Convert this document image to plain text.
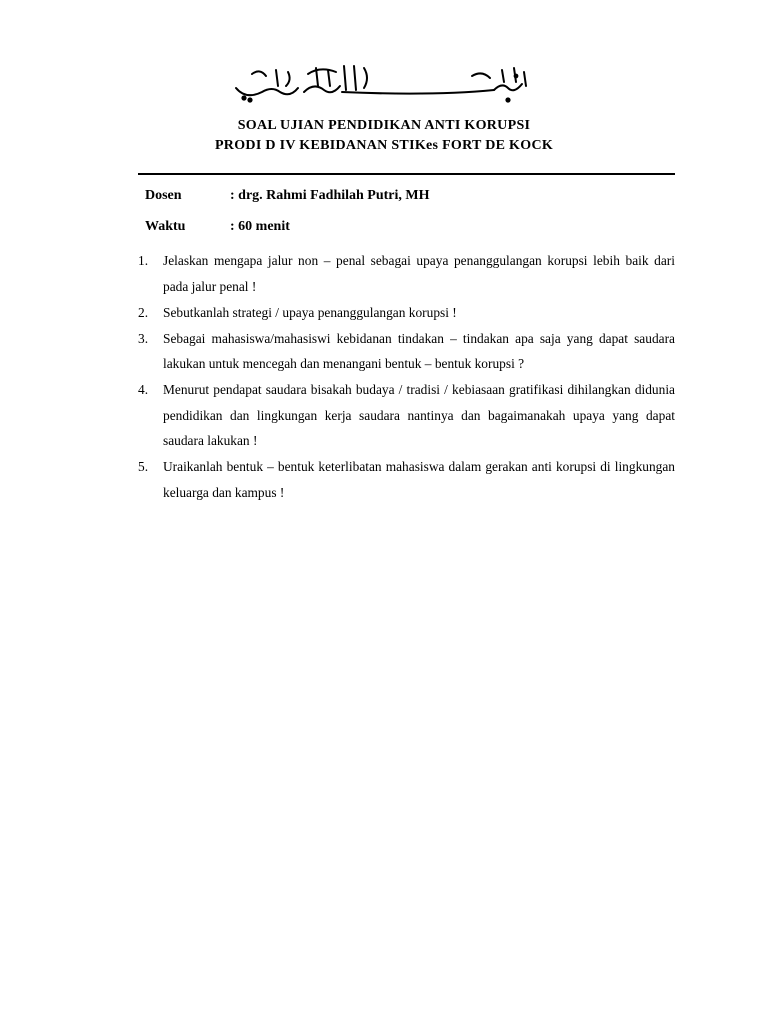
SOAL UJIAN PENDIDIKAN ANTI KORUPSI
PRODI D IV KEBIDANAN STIKes FORT DE KOCK
Dosen	: drg. Rahmi Fadhilah Putri, MH
Waktu	: 60 menit
1. Jelaskan mengapa jalur non – penal sebagai upaya penanggulangan korupsi lebih baik dari pada jalur penal !
2. Sebutkanlah strategi / upaya penanggulangan korupsi !
3. Sebagai mahasiswa/mahasiswi kebidanan tindakan – tindakan apa saja yang dapat saudara lakukan untuk mencegah dan menangani bentuk – bentuk korupsi ?
4. Menurut pendapat saudara bisakah budaya / tradisi / kebiasaan gratifikasi dihilangkan didunia pendidikan dan lingkungan kerja saudara nantinya dan bagaimanakah upaya yang dapat saudara lakukan !
5. Uraikanlah bentuk – bentuk keterlibatan mahasiswa dalam gerakan anti korupsi di lingkungan keluarga dan kampus !
